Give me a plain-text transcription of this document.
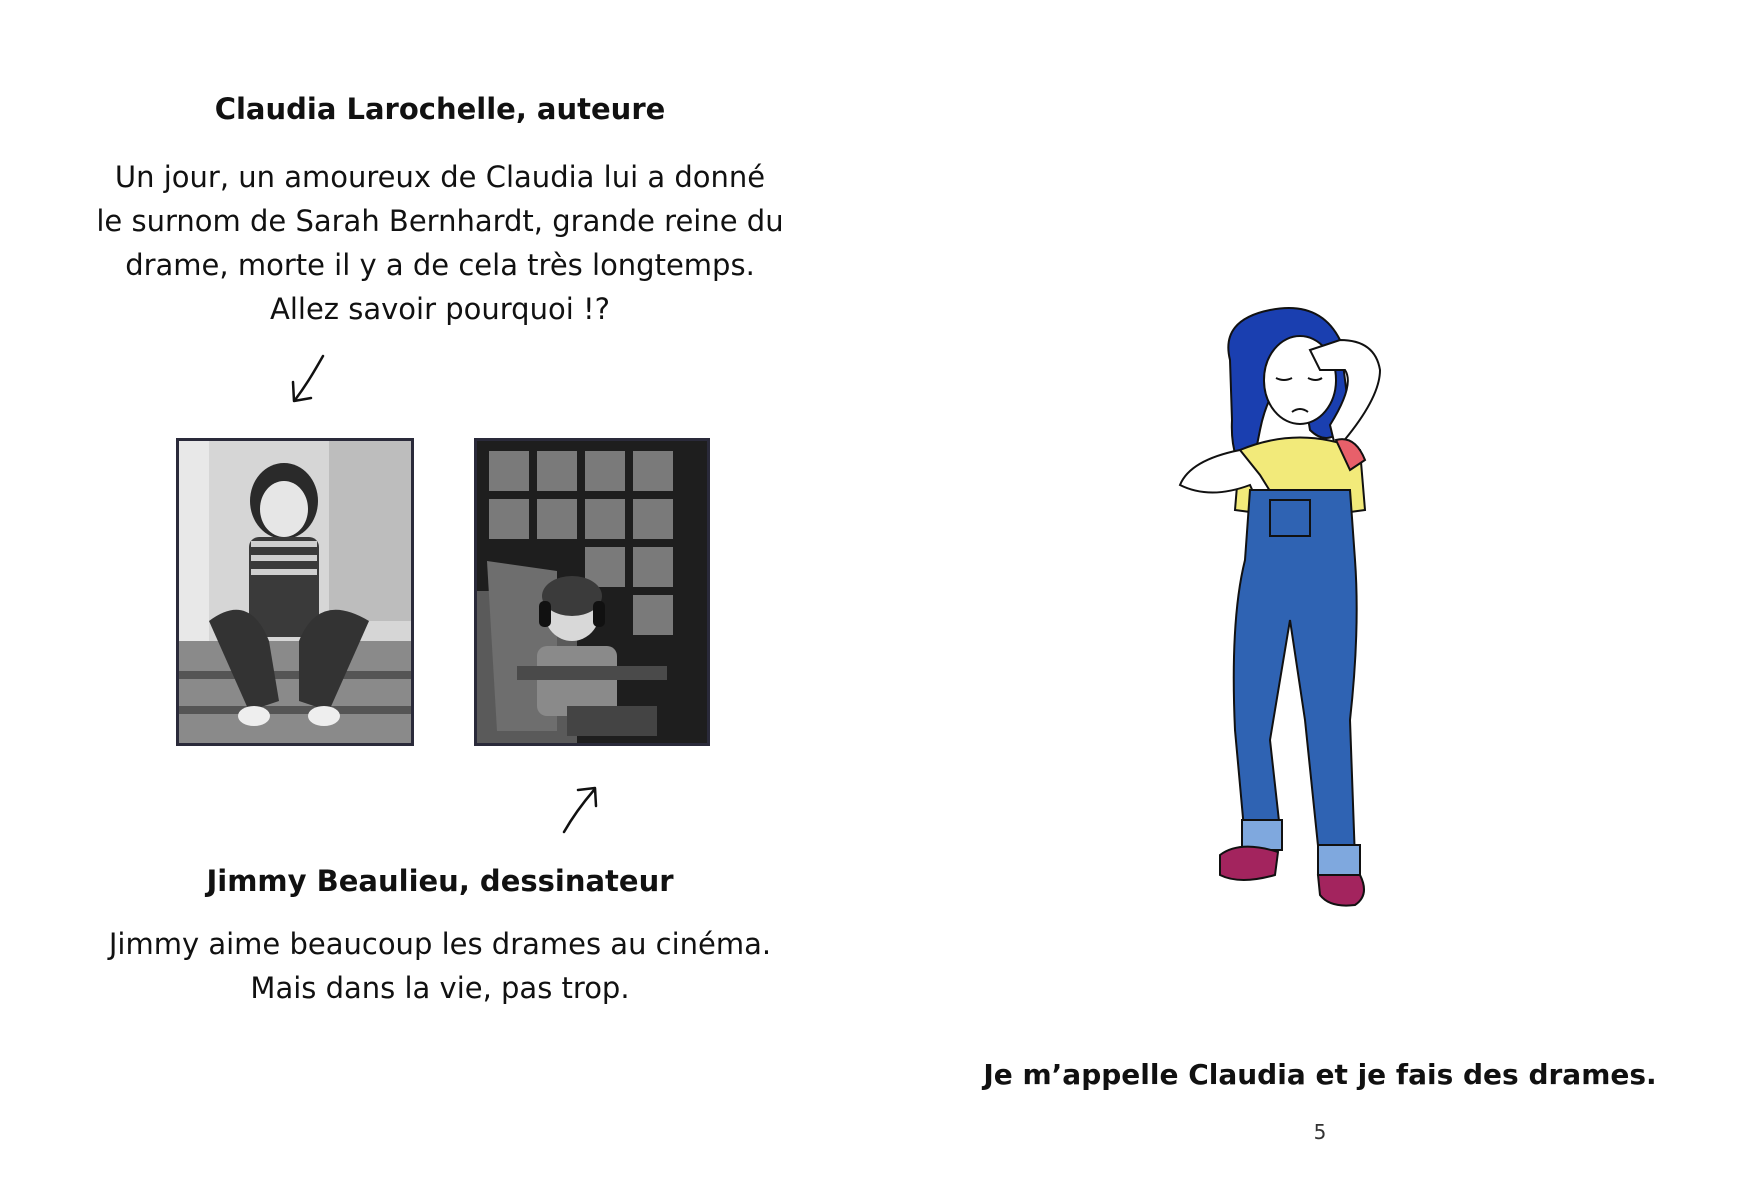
Claudia Larochelle, auteure
Un jour, un amoureux de Claudia lui a donné
le surnom de Sarah Bernhardt, grande reine du
drame, morte il y a de cela très longtemps.
Allez savoir pourquoi !?
Jimmy Beaulieu, dessinateur
Jimmy aime beaucoup les drames au cinéma.
Mais dans la vie, pas trop.
Je m’appelle Claudia et je fais des drames.
5
